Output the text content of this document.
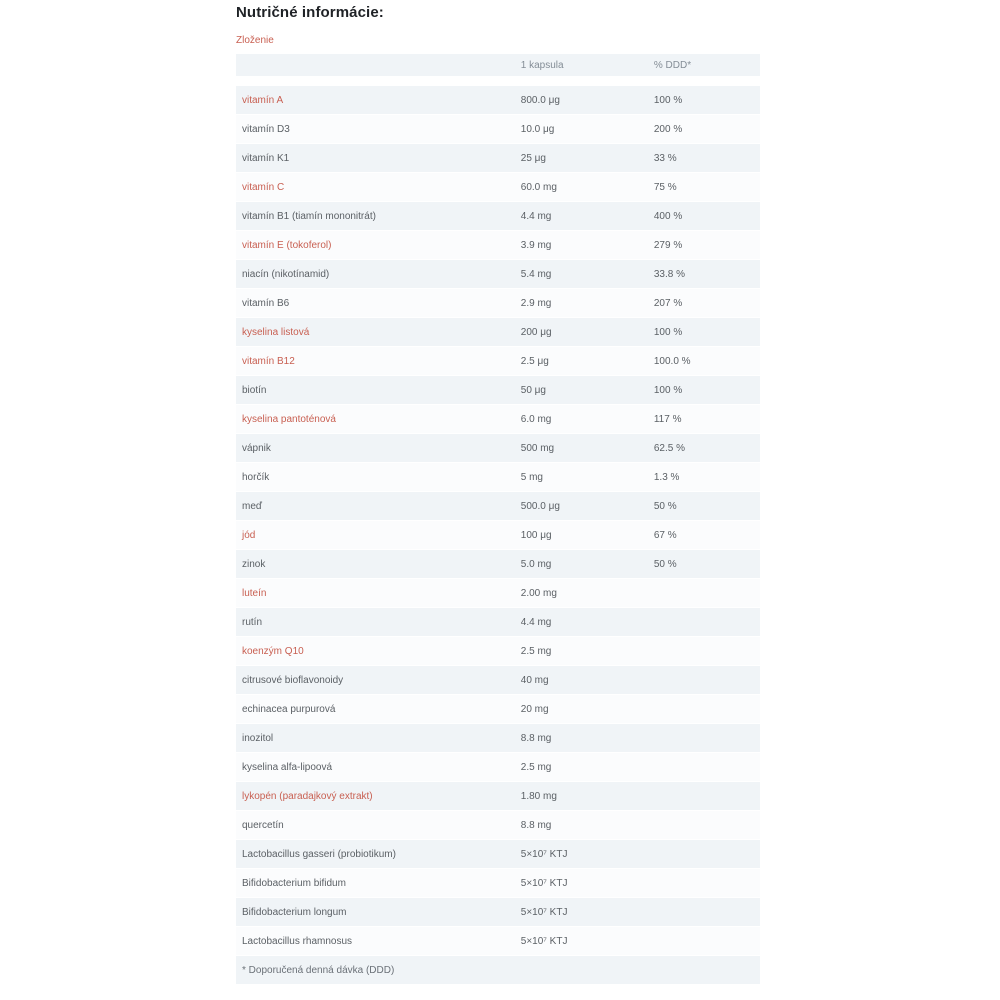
Nutričné informácie:
Zloženie
	1 kapsula	% DDD*
vitamín A	800.0 μg	100 %
vitamín D3	10.0 μg	200 %
vitamín K1	25 μg	33 %
vitamín C	60.0 mg	75 %
vitamín B1 (tiamín mononitrát)	4.4 mg	400 %
vitamín E (tokoferol)	3.9 mg	279 %
niacín (nikotínamid)	5.4 mg	33.8 %
vitamín B6	2.9 mg	207 %
kyselina listová	200 μg	100 %
vitamín B12	2.5 μg	100.0 %
biotín	50 μg	100 %
kyselina pantoténová	6.0 mg	117 %
vápnik	500 mg	62.5 %
horčík	5 mg	1.3 %
meď	500.0 μg	50 %
jód	100 μg	67 %
zinok	5.0 mg	50 %
luteín	2.00 mg	
rutín	4.4 mg	
koenzým Q10	2.5 mg	
citrusové bioflavonoidy	40 mg	
echinacea purpurová	20 mg	
inozitol	8.8 mg	
kyselina alfa-lipoová	2.5 mg	
lykopén (paradajkový extrakt)	1.80 mg	
quercetín	8.8 mg	
Lactobacillus gasseri (probiotikum)	5×10⁷ KTJ	
Bifidobacterium bifidum	5×10⁷ KTJ	
Bifidobacterium longum	5×10⁷ KTJ	
Lactobacillus rhamnosus	5×10⁷ KTJ	
* Doporučená denná dávka (DDD)		
